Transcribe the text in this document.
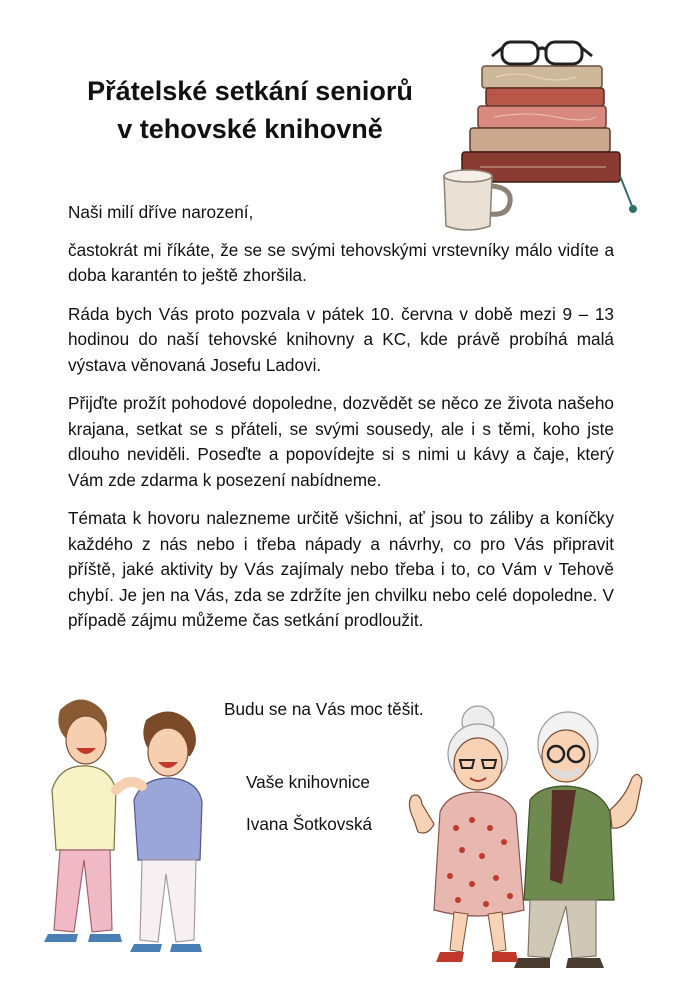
Přátelské setkání seniorů
v tehovské knihovně

Naši milí dříve narození,

častokrát mi říkáte, že se se svými tehovskými vrstevníky málo vidíte a doba karantén to ještě zhoršila.

Ráda bych Vás proto pozvala v pátek 10. června v době mezi 9 – 13 hodinou do naší tehovské knihovny a KC, kde právě probíhá malá výstava věnovaná Josefu Ladovi.

Přijďte prožít pohodové dopoledne, dozvědět se něco ze života našeho krajana, setkat se s přáteli, se svými sousedy, ale i s těmi, koho jste dlouho neviděli. Poseďte a popovídejte si s nimi u kávy a čaje, který Vám zde zdarma k posezení nabídneme.

Témata k hovoru nalezneme určitě všichni, ať jsou to záliby a koníčky každého z nás nebo i třeba nápady a návrhy, co pro Vás připravit příště, jaké aktivity by Vás zajímaly nebo třeba i to, co Vám v Tehově chybí. Je jen na Vás, zda se zdržíte jen chvilku nebo celé dopoledne. V případě zájmu můžeme čas setkání prodloužit.

Budu se na Vás moc těšit.
Vaše knihovnice
Ivana Šotkovská
